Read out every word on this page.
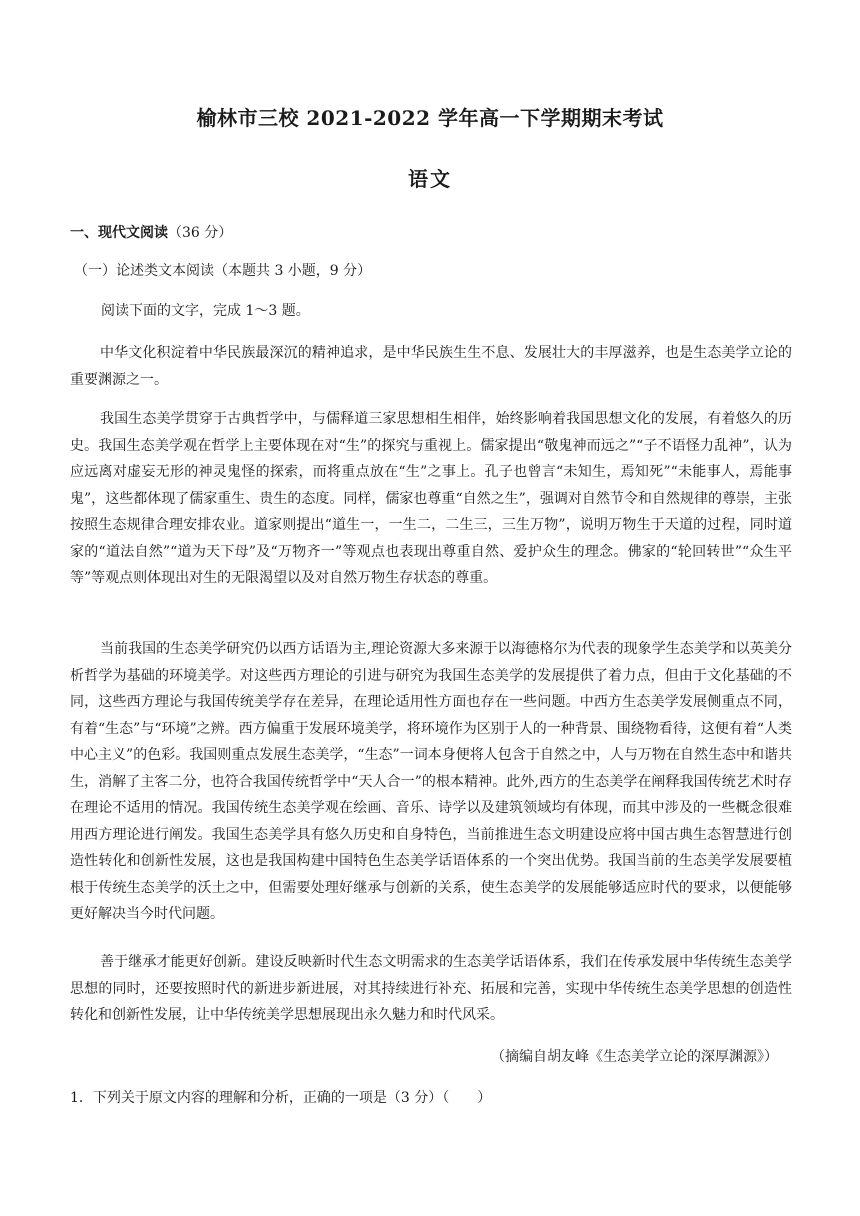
榆林市三校 2021-2022 学年高一下学期期末考试
语文
一、现代文阅读（36 分）
（一）论述类文本阅读（本题共 3 小题，9 分）
阅读下面的文字，完成 1～3 题。

中华文化积淀着中华民族最深沉的精神追求，是中华民族生生不息、发展壮大的丰厚滋养，也是生态美学立论的重要渊源之一。

我国生态美学贯穿于古典哲学中，与儒释道三家思想相生相伴，始终影响着我国思想文化的发展，有着悠久的历史。我国生态美学观在哲学上主要体现在对“生”的探究与重视上。儒家提出“敬鬼神而远之”“子不语怪力乱神”，认为应远离对虚妄无形的神灵鬼怪的探索，而将重点放在“生”之事上。孔子也曾言“未知生，焉知死”“未能事人，焉能事鬼”，这些都体现了儒家重生、贵生的态度。同样，儒家也尊重“自然之生”，强调对自然节令和自然规律的尊崇，主张按照生态规律合理安排农业。道家则提出“道生一，一生二，二生三，三生万物”，说明万物生于天道的过程，同时道家的“道法自然”“道为天下母”及“万物齐一”等观点也表现出尊重自然、爱护众生的理念。佛家的“轮回转世”“众生平等”等观点则体现出对生的无限渴望以及对自然万物生存状态的尊重。

当前我国的生态美学研究仍以西方话语为主,理论资源大多来源于以海德格尔为代表的现象学生态美学和以英美分析哲学为基础的环境美学。对这些西方理论的引进与研究为我国生态美学的发展提供了着力点，但由于文化基础的不同，这些西方理论与我国传统美学存在差异，在理论适用性方面也存在一些问题。中西方生态美学发展侧重点不同，有着“生态”与“环境”之辨。西方偏重于发展环境美学，将环境作为区别于人的一种背景、围绕物看待，这便有着“人类中心主义”的色彩。我国则重点发展生态美学，“生态”一词本身便将人包含于自然之中，人与万物在自然生态中和谐共生，消解了主客二分，也符合我国传统哲学中“天人合一”的根本精神。此外,西方的生态美学在阐释我国传统艺术时存在理论不适用的情况。我国传统生态美学观在绘画、音乐、诗学以及建筑领域均有体现，而其中涉及的一些概念很难用西方理论进行阐发。我国生态美学具有悠久历史和自身特色，当前推进生态文明建设应将中国古典生态智慧进行创造性转化和创新性发展，这也是我国构建中国特色生态美学话语体系的一个突出优势。我国当前的生态美学发展要植根于传统生态美学的沃土之中，但需要处理好继承与创新的关系，使生态美学的发展能够适应时代的要求，以便能够更好解决当今时代问题。

善于继承才能更好创新。建设反映新时代生态文明需求的生态美学话语体系，我们在传承发展中华传统生态美学思想的同时，还要按照时代的新进步新进展，对其持续进行补充、拓展和完善，实现中华传统生态美学思想的创造性转化和创新性发展，让中华传统美学思想展现出永久魅力和时代风采。

（摘编自胡友峰《生态美学立论的深厚渊源》）
1．下列关于原文内容的理解和分析，正确的一项是（3 分）（　　）
